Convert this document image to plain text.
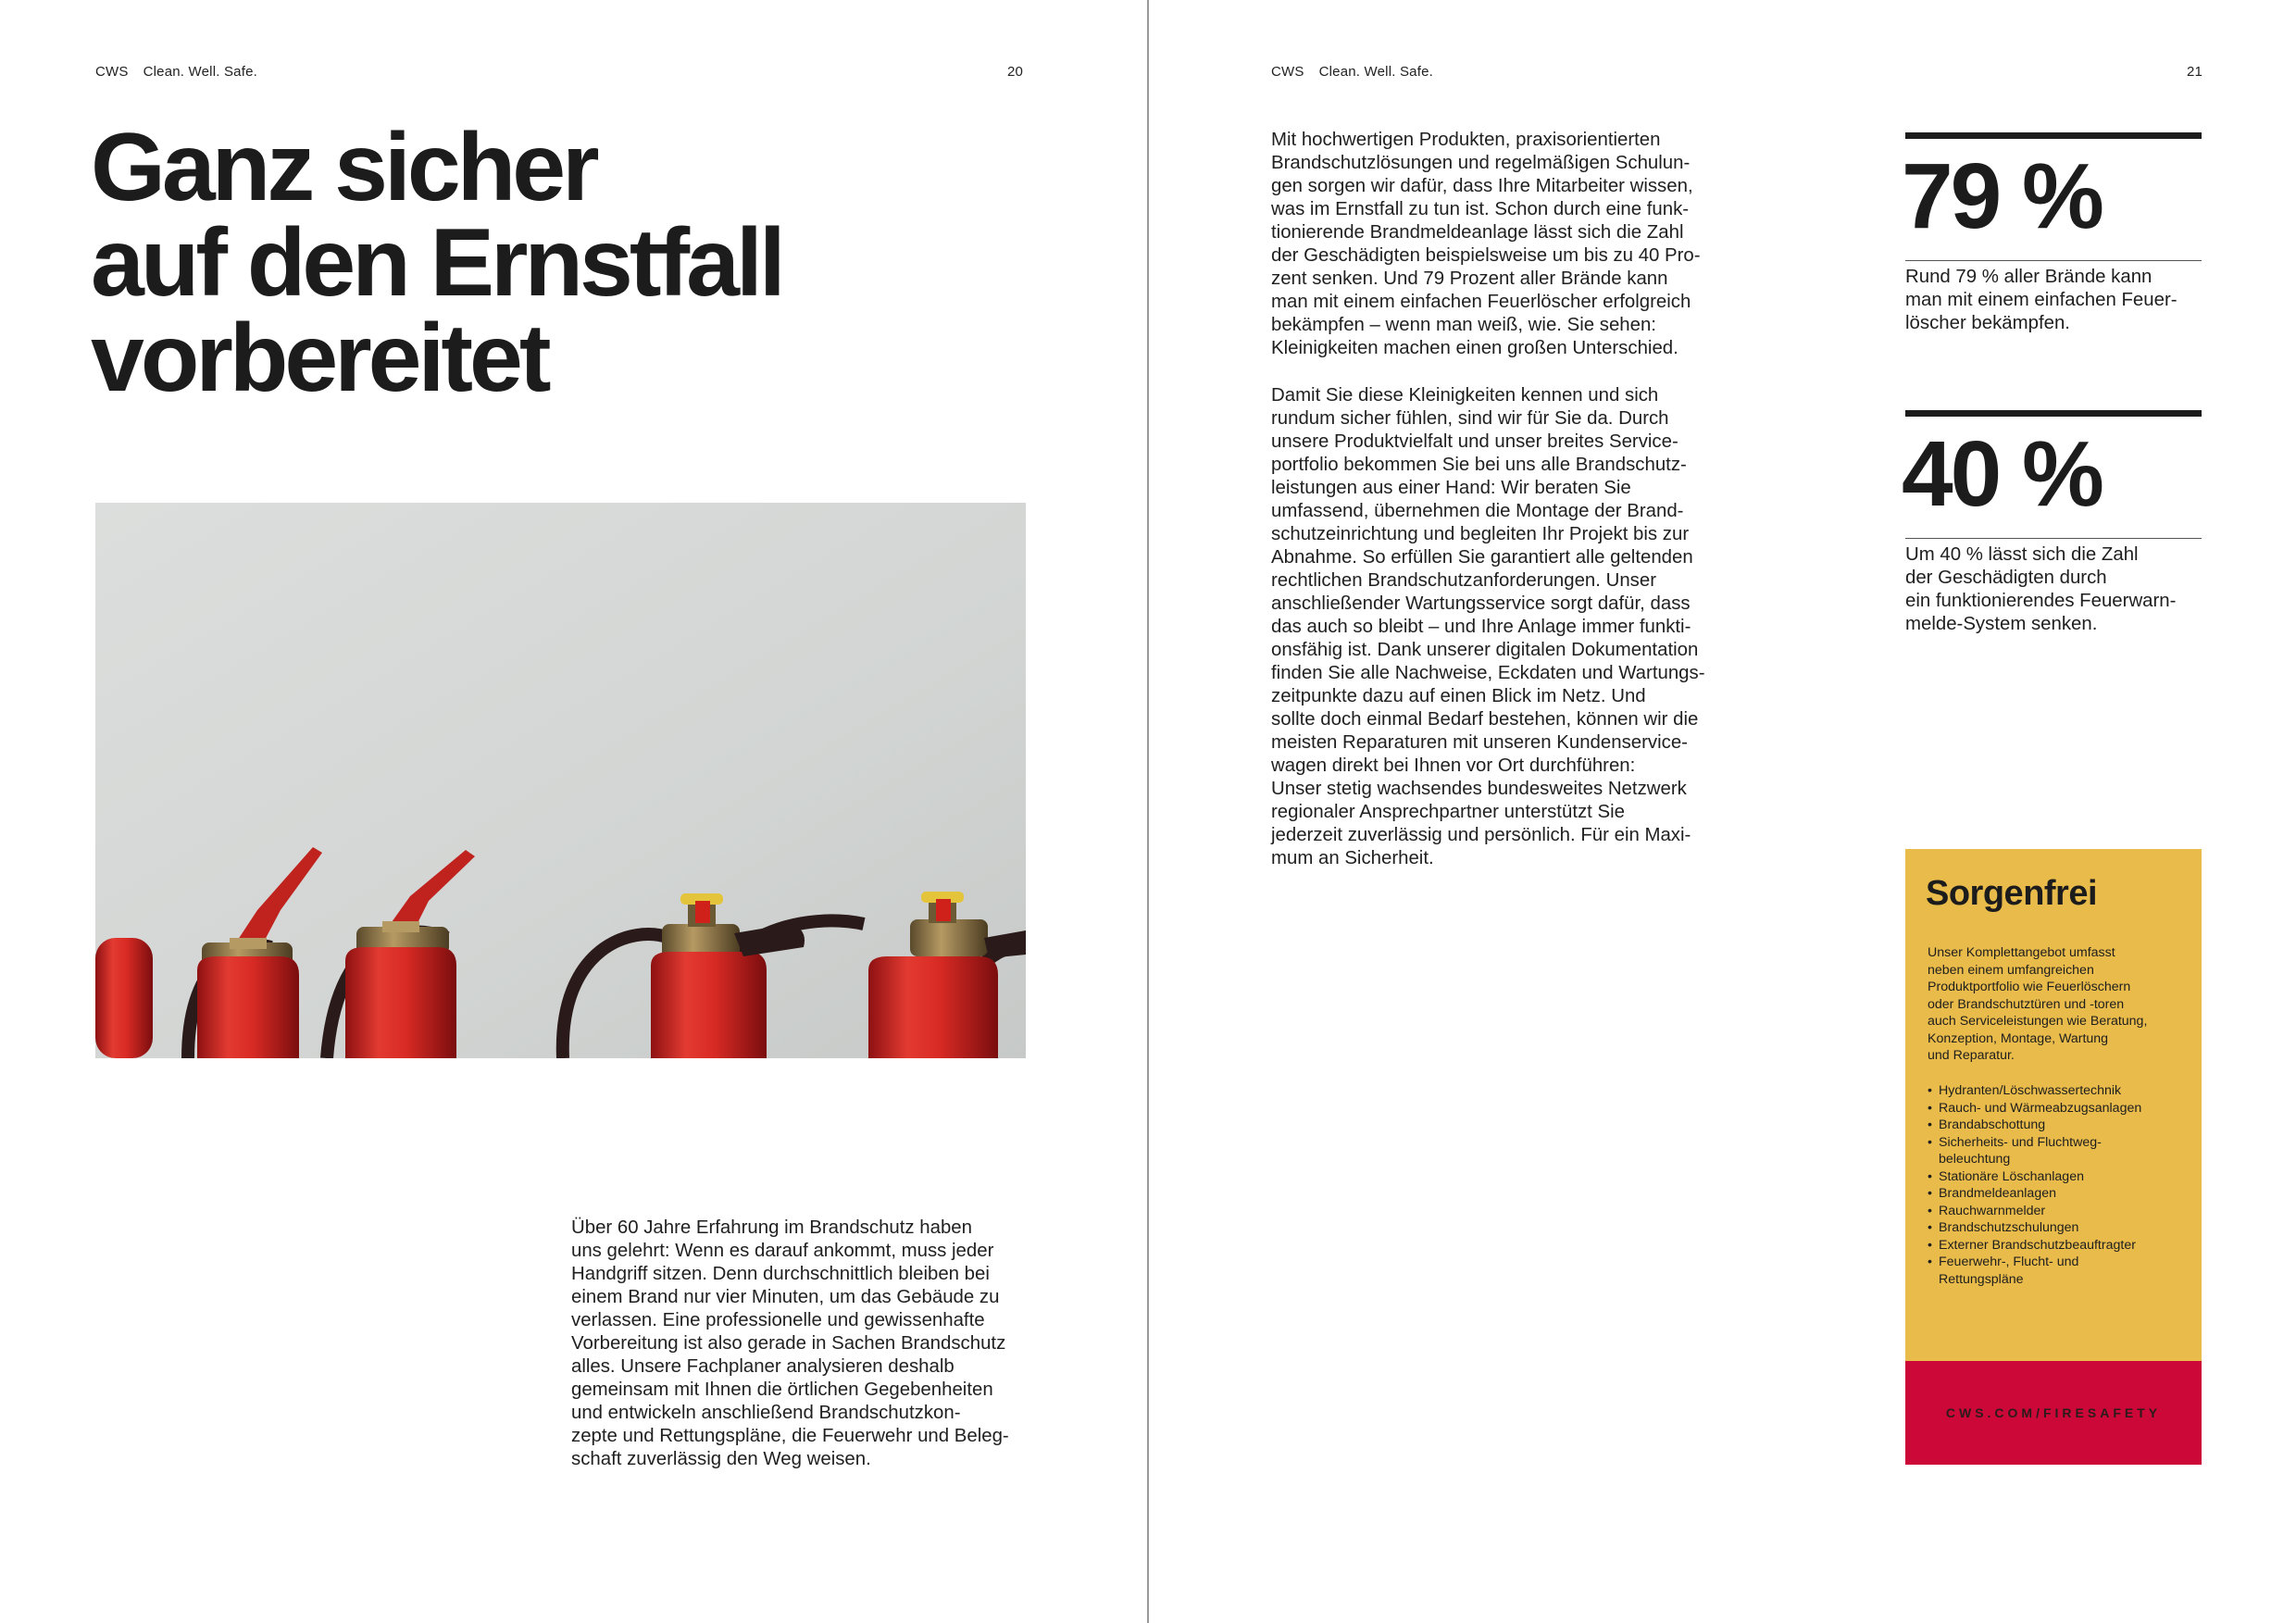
CWS Clean. Well. Safe.	20
Ganz sicher
auf den Ernstfall
vorbereitet

Über 60 Jahre Erfahrung im Brandschutz haben
uns gelehrt: Wenn es darauf ankommt, muss jeder
Handgriff sitzen. Denn durchschnittlich bleiben bei
einem Brand nur vier Minuten, um das Gebäude zu
verlassen. Eine professionelle und gewissenhafte
Vorbereitung ist also gerade in Sachen Brandschutz
alles. Unsere Fachplaner analysieren deshalb
gemeinsam mit Ihnen die örtlichen Gegebenheiten
und entwickeln anschließend Brandschutzkon-
zepte und Rettungspläne, die Feuerwehr und Beleg-
schaft zuverlässig den Weg weisen.

CWS Clean. Well. Safe.	21

Mit hochwertigen Produkten, praxisorientierten
Brandschutzlösungen und regelmäßigen Schulun-
gen sorgen wir dafür, dass Ihre Mitarbeiter wissen,
was im Ernstfall zu tun ist. Schon durch eine funk-
tionierende Brandmeldeanlage lässt sich die Zahl
der Geschädigten beispielsweise um bis zu 40 Pro-
zent senken. Und 79 Prozent aller Brände kann
man mit einem einfachen Feuerlöscher erfolgreich
bekämpfen – wenn man weiß, wie. Sie sehen:
Kleinigkeiten machen einen großen Unterschied.

Damit Sie diese Kleinigkeiten kennen und sich
rundum sicher fühlen, sind wir für Sie da. Durch
unsere Produktvielfalt und unser breites Service-
portfolio bekommen Sie bei uns alle Brandschutz-
leistungen aus einer Hand: Wir beraten Sie
umfassend, übernehmen die Montage der Brand-
schutzeinrichtung und begleiten Ihr Projekt bis zur
Abnahme. So erfüllen Sie garantiert alle geltenden
rechtlichen Brandschutzanforderungen. Unser
anschließender Wartungsservice sorgt dafür, dass
das auch so bleibt – und Ihre Anlage immer funkti-
onsfähig ist. Dank unserer digitalen Dokumentation
finden Sie alle Nachweise, Eckdaten und Wartungs-
zeitpunkte dazu auf einen Blick im Netz. Und
sollte doch einmal Bedarf bestehen, können wir die
meisten Reparaturen mit unseren Kundenservice-
wagen direkt bei Ihnen vor Ort durchführen:
Unser stetig wachsendes bundesweites Netzwerk
regionaler Ansprechpartner unterstützt Sie
jederzeit zuverlässig und persönlich. Für ein Maxi-
mum an Sicherheit.

79 %

Rund 79 % aller Brände kann
man mit einem einfachen Feuer-
löscher bekämpfen.

40 %

Um 40 % lässt sich die Zahl
der Geschädigten durch
ein funktionierendes Feuerwarn-
melde-System senken.

Sorgenfrei

Unser Komplettangebot umfasst
neben einem umfangreichen
Produktportfolio wie Feuerlöschern
oder Brandschutztüren und -toren
auch Serviceleistungen wie Beratung,
Konzeption, Montage, Wartung
und Reparatur.

• Hydranten/Löschwassertechnik
• Rauch- und Wärmeabzugsanlagen
• Brandabschottung
• Sicherheits- und Fluchtweg-
beleuchtung
• Stationäre Löschanlagen
• Brandmeldeanlagen
• Rauchwarnmelder
• Brandschutzschulungen
• Externer Brandschutzbeauftragter
• Feuerwehr-, Flucht- und
Rettungspläne
CWS.COM/FIRESAFETY
